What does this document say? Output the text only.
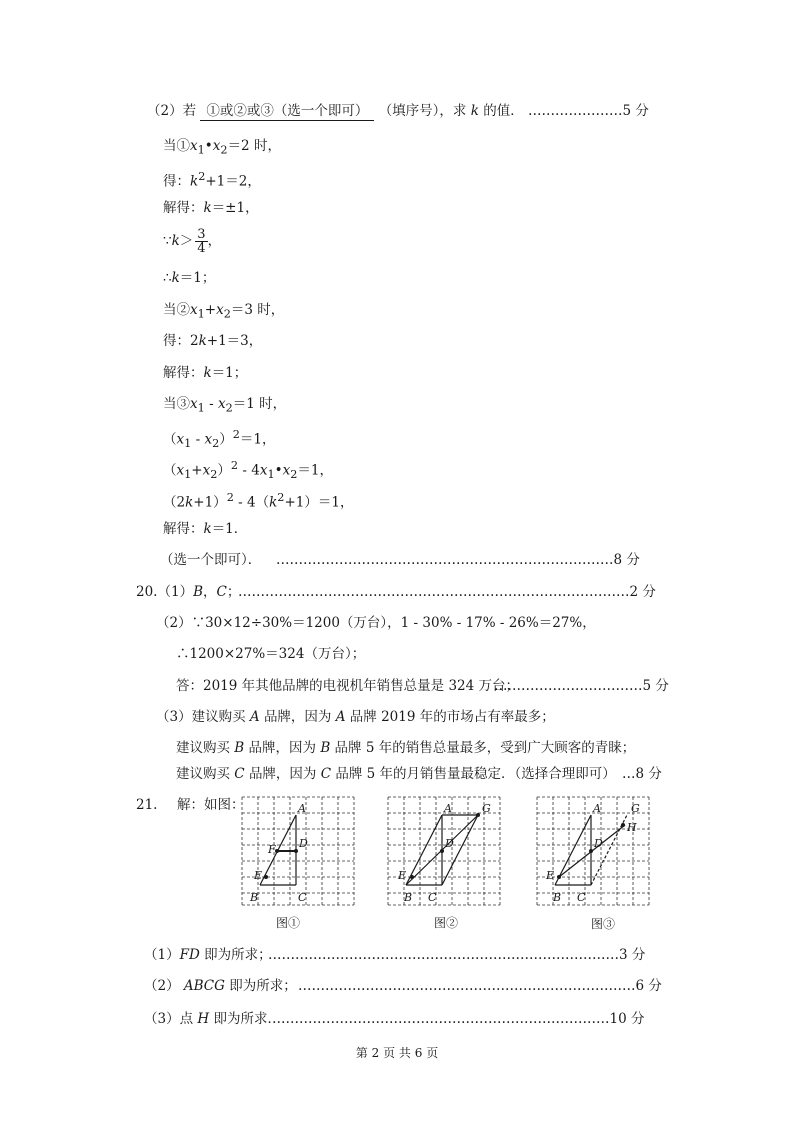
（2）若 ①或②或③（选一个即可） （填序号），求 k 的值． …………………5 分
当$①x_1•x_2=2$ 时，
得：$k^2+1=2$，
解得：k＝±1，
∵k＞ $\frac{3}{4}$ ，
∴k＝1；
当$②x_1+x_2=3$ 时，
得：2k+1＝3，
解得：k＝1；
当$③x_1 - x_2=1$ 时，
$(x_1 - x_2)^2=1$，
$(x_1+x_2)^2$ - $4x_1•x_2=1$，
$(2k+1)^2 - 4(k^2+1)=1$，
解得：k＝1．
（选一个即可）． …………………………………………………………………8 分
20.（1）B，C；
……………………………………………………………………………2 分
（2）∵30×12÷30%＝1200（万台），1 - 30% - 17% - 26%＝27%，
∴1200×27%＝324（万台）；
答：2019 年其他品牌的电视机年销售总量是 324 万台；
……………………………5 分
（3）建议购买 A 品牌，因为 A 品牌 2019 年的市场占有率最多；
建议购买 B 品牌，因为 B 品牌 5 年的销售总量最多，受到广大顾客的青睐；
建议购买 C 品牌，因为 C 品牌 5 年的月销售量最稳定．（选择合理即可） …8 分
21. 解：如图：	A
D
F
E
B	C
图①
A	G
D
E
B C
图②
A	G
H
D
E
B C
图③
（1）FD 即为所求；
……………………………………………………………………3 分
（2） ABCG 即为所求； …………………………………………………………………6 分
（3）点 H 即为所求．
…………………………………………………………………10 分
第 2 页 共 6 页
